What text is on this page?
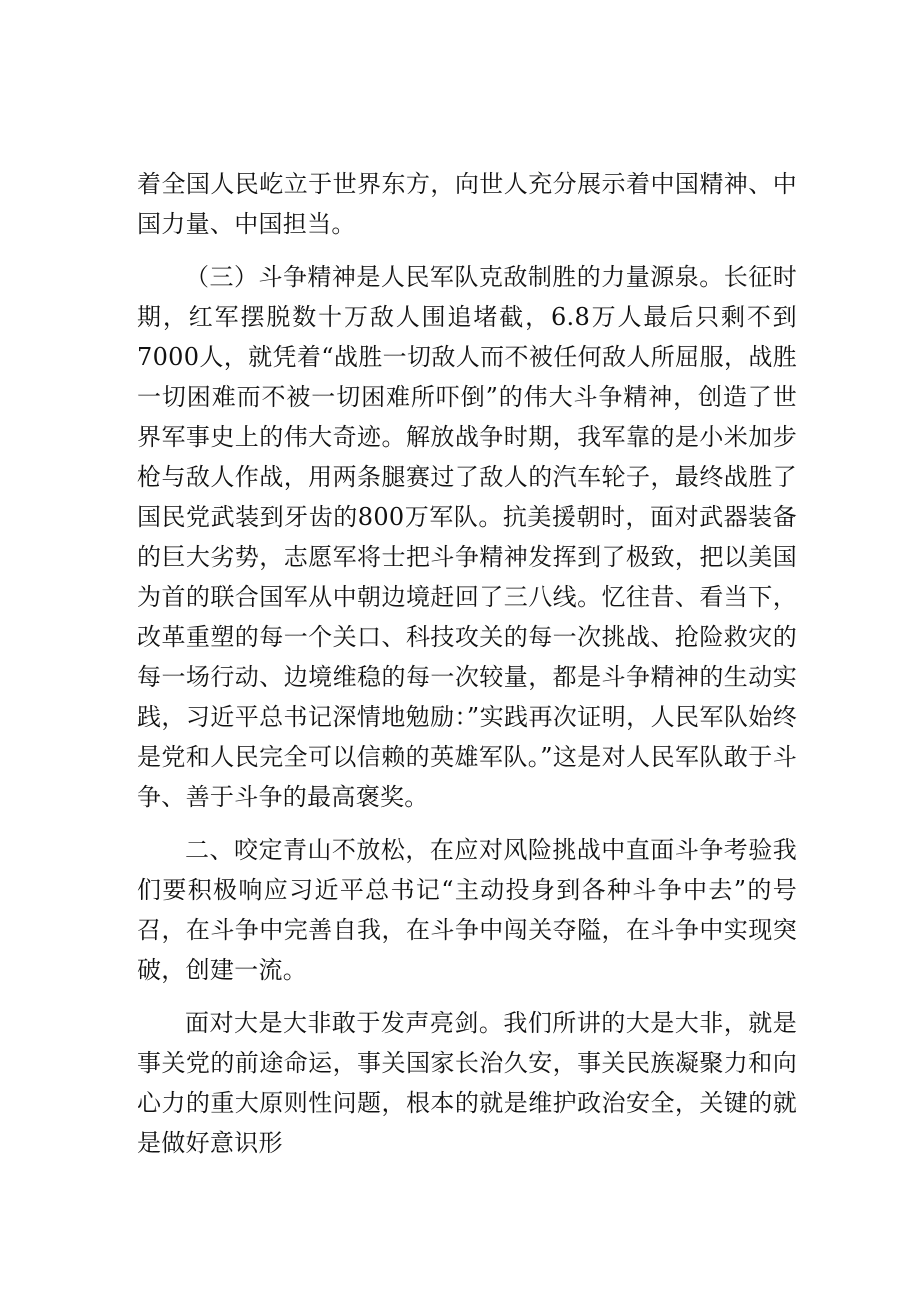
着全国人民屹立于世界东方，向世人充分展示着中国精神、中国力量、中国担当。

（三）斗争精神是人民军队克敌制胜的力量源泉。长征时期，红军摆脱数十万敌人围追堵截，6.8万人最后只剩不到7000人，就凭着“战胜一切敌人而不被任何敌人所屈服，战胜一切困难而不被一切困难所吓倒”的伟大斗争精神，创造了世界军事史上的伟大奇迹。解放战争时期，我军靠的是小米加步枪与敌人作战，用两条腿赛过了敌人的汽车轮子，最终战胜了国民党武装到牙齿的800万军队。抗美援朝时，面对武器装备的巨大劣势，志愿军将士把斗争精神发挥到了极致，把以美国为首的联合国军从中朝边境赶回了三八线。忆往昔、看当下，改革重塑的每一个关口、科技攻关的每一次挑战、抢险救灾的每一场行动、边境维稳的每一次较量，都是斗争精神的生动实践，习近平总书记深情地勉励：”实践再次证明，人民军队始终是党和人民完全可以信赖的英雄军队。”这是对人民军队敢于斗争、善于斗争的最高褒奖。

二、咬定青山不放松，在应对风险挑战中直面斗争考验我们要积极响应习近平总书记“主动投身到各种斗争中去”的号召，在斗争中完善自我，在斗争中闯关夺隘，在斗争中实现突破，创建一流。

面对大是大非敢于发声亮剑。我们所讲的大是大非，就是事关党的前途命运，事关国家长治久安，事关民族凝聚力和向心力的重大原则性问题，根本的就是维护政治安全，关键的就是做好意识形
